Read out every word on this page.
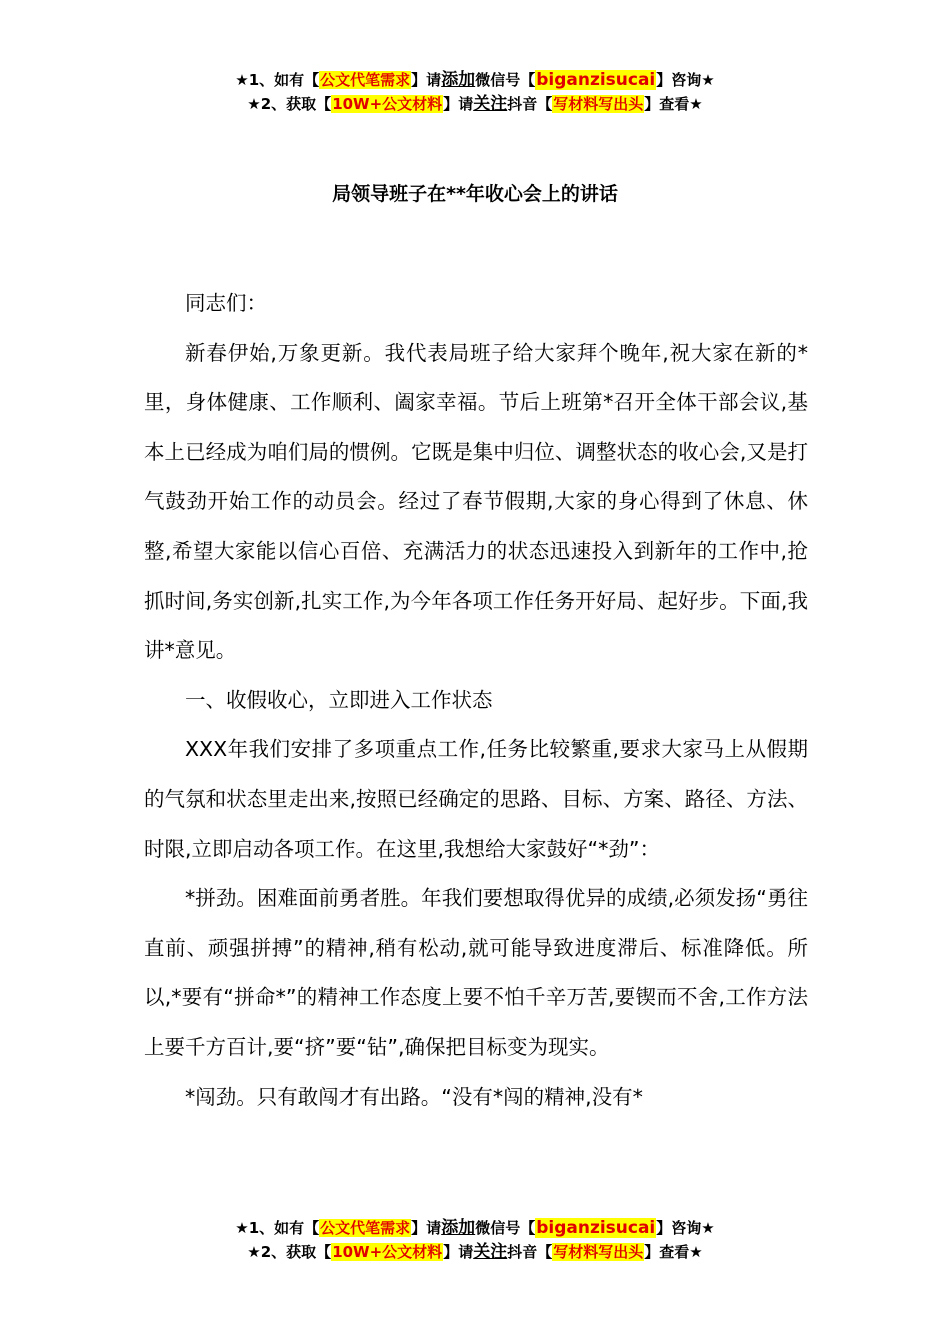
★1、如有【公文代笔需求】请添加微信号【biganzisucai】咨询★
★2、获取【10W+公文材料】请关注抖音【写材料写出头】查看★
局领导班子在**年收心会上的讲话

同志们：

新春伊始,万象更新。我代表局班子给大家拜个晚年,祝大家在新的*里，身体健康、工作顺利、阖家幸福。节后上班第*召开全体干部会议,基本上已经成为咱们局的惯例。它既是集中归位、调整状态的收心会,又是打气鼓劲开始工作的动员会。经过了春节假期,大家的身心得到了休息、休整,希望大家能以信心百倍、充满活力的状态迅速投入到新年的工作中,抢抓时间,务实创新,扎实工作,为今年各项工作任务开好局、起好步。下面,我讲*意见。

一、收假收心，立即进入工作状态

XXX年我们安排了多项重点工作,任务比较繁重,要求大家马上从假期的气氛和状态里走出来,按照已经确定的思路、目标、方案、路径、方法、时限,立即启动各项工作。在这里,我想给大家鼓好“*劲”：

*拼劲。困难面前勇者胜。年我们要想取得优异的成绩,必须发扬“勇往直前、顽强拼搏”的精神,稍有松动,就可能导致进度滞后、标准降低。所以,*要有“拼命*”的精神工作态度上要不怕千辛万苦,要锲而不舍,工作方法上要千方百计,要“挤”要“钻”,确保把目标变为现实。

*闯劲。只有敢闯才有出路。“没有*闯的精神,没有*

★1、如有【公文代笔需求】请添加微信号【biganzisucai】咨询★
★2、获取【10W+公文材料】请关注抖音【写材料写出头】查看★
